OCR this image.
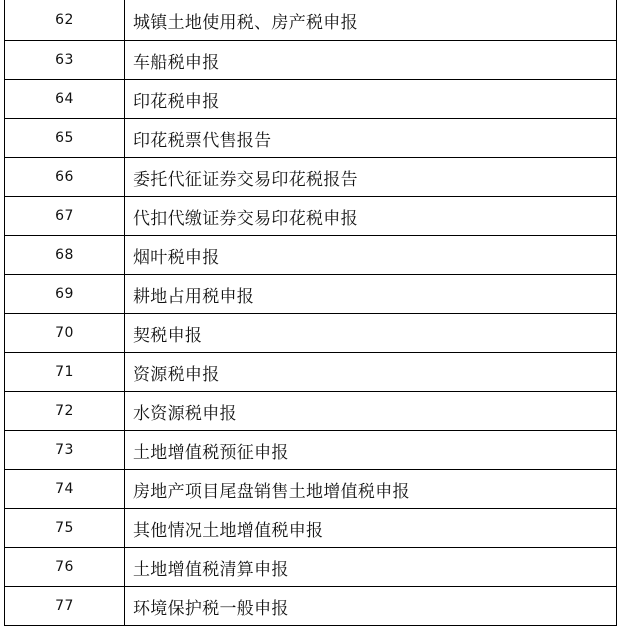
62	城镇土地使用税、房产税申报
63	车船税申报
64	印花税申报
65	印花税票代售报告
66	委托代征证券交易印花税报告
67	代扣代缴证券交易印花税申报
68	烟叶税申报
69	耕地占用税申报
70	契税申报
71	资源税申报
72	水资源税申报
73	土地增值税预征申报
74	房地产项目尾盘销售土地增值税申报
75	其他情况土地增值税申报
76	土地增值税清算申报
77	环境保护税一般申报
